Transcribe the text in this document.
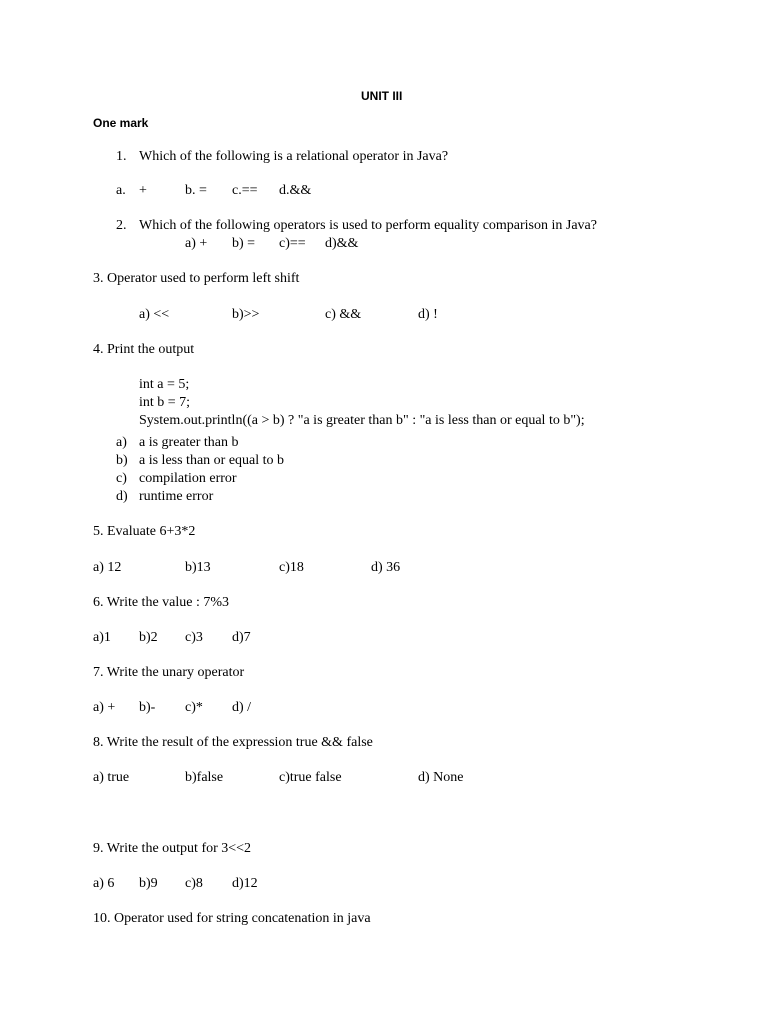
UNIT III
One mark
1. Which of the following is a relational operator in Java?
a. +	b. = c.== d.&&
2. Which of the following operators is used to perform equality comparison in Java?
a) + b) = c)== d)&&
3. Operator used to perform left shift
a) <<	b)>>	c) &&	d) !
4. Print the output
int a = 5;
int b = 7;
System.out.println((a > b) ? "a is greater than b" : "a is less than or equal to b");
a) a is greater than b
b) a is less than or equal to b
c) compilation error
d) runtime error
5. Evaluate 6+3*2
a) 12	b)13	c)18	d) 36
6. Write the value : 7%3
a)1 b)2 c)3 d)7
7. Write the unary operator
a) + b)- c)* d) /
8. Write the result of the expression true && false
a) true	b)false	c)true false	d) None
9. Write the output for 3<<2
a) 6 b)9 c)8 d)12
10. Operator used for string concatenation in java
